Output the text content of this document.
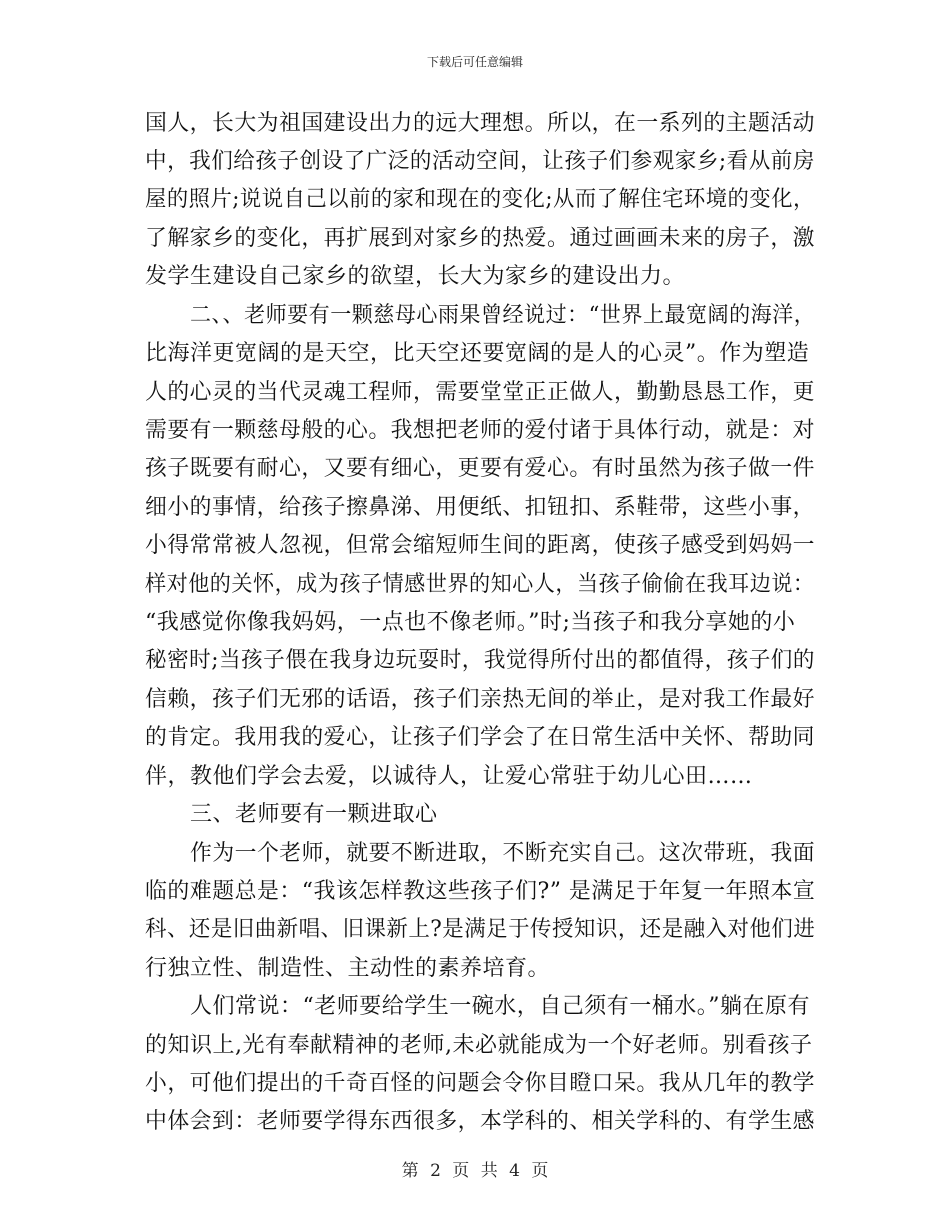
下载后可任意编辑
国人，长大为祖国建设出力的远大理想。所以，在一系列的主题活动
中，我们给孩子创设了广泛的活动空间，让孩子们参观家乡;看从前房
屋的照片;说说自己以前的家和现在的变化;从而了解住宅环境的变化，
了解家乡的变化，再扩展到对家乡的热爱。通过画画未来的房子，激
发学生建设自己家乡的欲望，长大为家乡的建设出力。
二、、老师要有一颗慈母心雨果曾经说过：“世界上最宽阔的海洋，
比海洋更宽阔的是天空，比天空还要宽阔的是人的心灵”。作为塑造
人的心灵的当代灵魂工程师，需要堂堂正正做人，勤勤恳恳工作，更
需要有一颗慈母般的心。我想把老师的爱付诸于具体行动，就是：对
孩子既要有耐心，又要有细心，更要有爱心。有时虽然为孩子做一件
细小的事情，给孩子擦鼻涕、用便纸、扣钮扣、系鞋带，这些小事，
小得常常被人忽视，但常会缩短师生间的距离，使孩子感受到妈妈一
样对他的关怀，成为孩子情感世界的知心人，当孩子偷偷在我耳边说：
“我感觉你像我妈妈，一点也不像老师。”时;当孩子和我分享她的小
秘密时;当孩子偎在我身边玩耍时，我觉得所付出的都值得，孩子们的
信赖，孩子们无邪的话语，孩子们亲热无间的举止，是对我工作最好
的肯定。我用我的爱心，让孩子们学会了在日常生活中关怀、帮助同
伴，教他们学会去爱，以诚待人，让爱心常驻于幼儿心田……
三、老师要有一颗进取心
作为一个老师，就要不断进取，不断充实自己。这次带班，我面
临的难题总是：“我该怎样教这些孩子们?” 是满足于年复一年照本宣
科、还是旧曲新唱、旧课新上?是满足于传授知识，还是融入对他们进
行独立性、制造性、主动性的素养培育。
人们常说：“老师要给学生一碗水，自己须有一桶水。”躺在原有
的知识上,光有奉献精神的老师,未必就能成为一个好老师。别看孩子
小，可他们提出的千奇百怪的问题会令你目瞪口呆。我从几年的教学
中体会到：老师要学得东西很多，本学科的、相关学科的、有学生感
第 2 页 共 4 页
